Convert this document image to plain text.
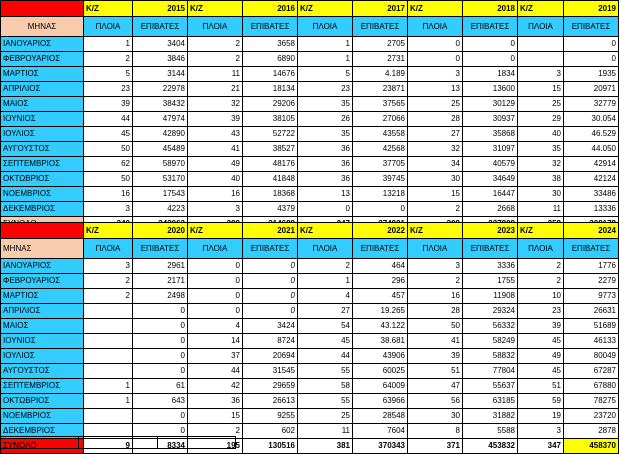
	Κ/Ζ	2015	Κ/Ζ	2016	Κ/Ζ	2017	Κ/Ζ	2018	Κ/Ζ	2019
ΜΗΝΑΣ	ΠΛΟΙΑ	ΕΠΙΒΑΤΕΣ	ΠΛΟΙΑ	ΕΠΙΒΑΤΕΣ	ΠΛΟΙΑ	ΕΠΙΒΑΤΕΣ	ΠΛΟΙΑ	ΕΠΙΒΑΤΕΣ	ΠΛΟΙΑ	ΕΠΙΒΑΤΕΣ
ΙΑΝΟΥΑΡΙΟΣ	1	3404	2	3658	1	2705	0	0		0
ΦΕΒΡΟΥΑΡΙΟΣ	2	3846	2	6890	1	2731	0	0		0
ΜΑΡΤΙΟΣ	5	3144	11	14676	5	4.189	3	1834	3	1935
ΑΠΡΙΛΙΟΣ	23	22978	21	18134	23	23871	13	13600	15	20971
ΜΑΙΟΣ	39	38432	32	29206	35	37565	25	30129	25	32779
ΙΟΥΝΙΟΣ	44	47974	39	38105	26	27066	28	30937	29	30.054
ΙΟΥΛΙΟΣ	45	42890	43	52722	35	43558	27	35868	40	46.529
ΑΥΓΟΥΣΤΟΣ	50	45489	41	38527	36	42568	32	31097	35	44.050
ΣΕΠΤΕΜΒΡΙΟΣ	62	58970	49	48176	36	37705	34	40579	32	42914
ΟΚΤΩΒΡΙΟΣ	50	53170	40	41848	36	39745	30	34649	38	42124
ΝΟΕΜΒΡΙΟΣ	16	17543	16	18368	13	13218	15	16447	30	33486
ΔΕΚΕΜΒΡΙΟΣ	3	4223	3	4379	0	0	2	2668	11	13336

	Κ/Ζ	2020	Κ/Ζ	2021	Κ/Ζ	2022	Κ/Ζ	2023	Κ/Ζ	2024
ΜΗΝΑΣ	ΠΛΟΙΑ	ΕΠΙΒΑΤΕΣ	ΠΛΟΙΑ	ΕΠΙΒΑΤΕΣ	ΠΛΟΙΑ	ΕΠΙΒΑΤΕΣ	ΠΛΟΙΑ	ΕΠΙΒΑΤΕΣ	ΠΛΟΙΑ	ΕΠΙΒΑΤΕΣ
ΙΑΝΟΥΑΡΙΟΣ	3	2961	0	0	2	464	3	3336	2	1776
ΦΕΒΡΟΥΑΡΙΟΣ	2	2171	0	0	1	296	2	1755	2	2279
ΜΑΡΤΙΟΣ	2	2498	0	0	4	457	16	11908	10	9773
ΑΠΡΙΛΙΟΣ		0	0	0	27	19.265	28	29324	23	26631
ΜΑΙΟΣ		0	4	3424	54	43.122	50	56332	39	51689
ΙΟΥΝΙΟΣ		0	14	8724	45	38.681	41	58249	45	46133
ΙΟΥΛΙΟΣ		0	37	20694	44	43906	39	58832	49	80049
ΑΥΓΟΥΣΤΟΣ		0	44	31545	55	60025	51	77804	45	67287
ΣΕΠΤΕΜΒΡΙΟΣ	1	61	42	29659	58	64009	47	55637	51	67880
ΟΚΤΩΒΡΙΟΣ	1	643	36	26613	55	63966	56	63185	59	78275
ΝΟΕΜΒΡΙΟΣ		0	15	9255	25	28548	30	31882	19	23720
ΔΕΚΕΜΒΡΙΟΣ		0	2	602	11	7604	8	5588	3	2878
ΣΥΝΟΛΟ	9	8334	195	130516	381	370343	371	453832	347	458370
